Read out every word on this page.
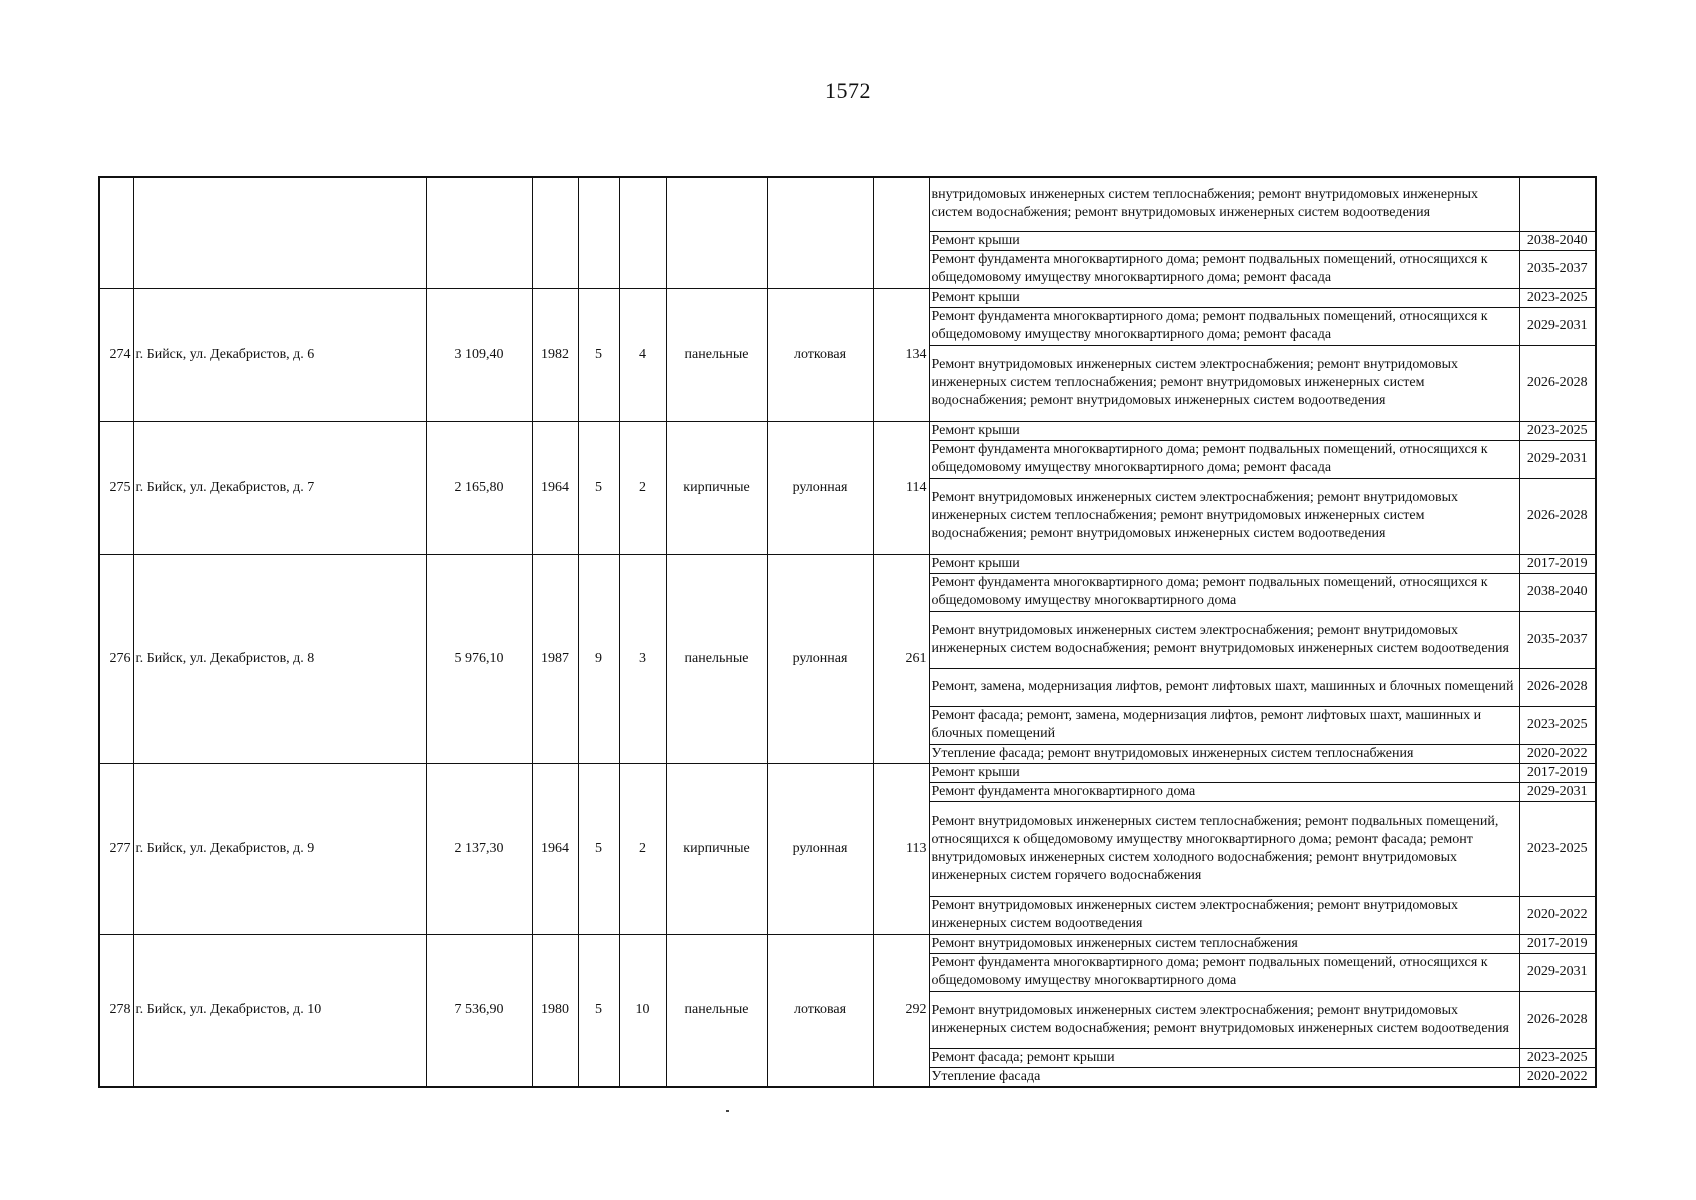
1572
									внутридомовых инженерных систем теплоснабжения; ремонт внутридомовых инженерных систем водоснабжения; ремонт внутридомовых инженерных систем водоотведения	
									Ремонт крыши	2038-2040
									Ремонт фундамента многоквартирного дома; ремонт подвальных помещений, относящихся к общедомовому имуществу многоквартирного дома; ремонт фасада	2035-2037
274	г. Бийск, ул. Декабристов, д. 6	3 109,40	1982	5	4	панельные	лотковая	134	Ремонт крыши	2023-2025
									Ремонт фундамента многоквартирного дома; ремонт подвальных помещений, относящихся к общедомовому имуществу многоквартирного дома; ремонт фасада	2029-2031
									Ремонт внутридомовых инженерных систем электроснабжения; ремонт внутридомовых инженерных систем теплоснабжения; ремонт внутридомовых инженерных систем водоснабжения; ремонт внутридомовых инженерных систем водоотведения	2026-2028
275	г. Бийск, ул. Декабристов, д. 7	2 165,80	1964	5	2	кирпичные	рулонная	114	Ремонт крыши	2023-2025
									Ремонт фундамента многоквартирного дома; ремонт подвальных помещений, относящихся к общедомовому имуществу многоквартирного дома; ремонт фасада	2029-2031
									Ремонт внутридомовых инженерных систем электроснабжения; ремонт внутридомовых инженерных систем теплоснабжения; ремонт внутридомовых инженерных систем водоснабжения; ремонт внутридомовых инженерных систем водоотведения	2026-2028
276	г. Бийск, ул. Декабристов, д. 8	5 976,10	1987	9	3	панельные	рулонная	261	Ремонт крыши	2017-2019
									Ремонт фундамента многоквартирного дома; ремонт подвальных помещений, относящихся к общедомовому имуществу многоквартирного дома	2038-2040
									Ремонт внутридомовых инженерных систем электроснабжения; ремонт внутридомовых инженерных систем водоснабжения; ремонт внутридомовых инженерных систем водоотведения	2035-2037
									Ремонт, замена, модернизация лифтов, ремонт лифтовых шахт, машинных и блочных помещений	2026-2028
									Ремонт фасада; ремонт, замена, модернизация лифтов, ремонт лифтовых шахт, машинных и блочных помещений	2023-2025
									Утепление фасада; ремонт внутридомовых инженерных систем теплоснабжения	2020-2022
277	г. Бийск, ул. Декабристов, д. 9	2 137,30	1964	5	2	кирпичные	рулонная	113	Ремонт крыши	2017-2019
									Ремонт фундамента многоквартирного дома	2029-2031
									Ремонт внутридомовых инженерных систем теплоснабжения; ремонт подвальных помещений, относящихся к общедомовому имуществу многоквартирного дома; ремонт фасада; ремонт внутридомовых инженерных систем холодного водоснабжения; ремонт внутридомовых инженерных систем горячего водоснабжения	2023-2025
									Ремонт внутридомовых инженерных систем электроснабжения; ремонт внутридомовых инженерных систем водоотведения	2020-2022
278	г. Бийск, ул. Декабристов, д. 10	7 536,90	1980	5	10	панельные	лотковая	292	Ремонт внутридомовых инженерных систем теплоснабжения	2017-2019
									Ремонт фундамента многоквартирного дома; ремонт подвальных помещений, относящихся к общедомовому имуществу многоквартирного дома	2029-2031
									Ремонт внутридомовых инженерных систем электроснабжения; ремонт внутридомовых инженерных систем водоснабжения; ремонт внутридомовых инженерных систем водоотведения	2026-2028
									Ремонт фасада; ремонт крыши	2023-2025
									Утепление фасада	2020-2022
